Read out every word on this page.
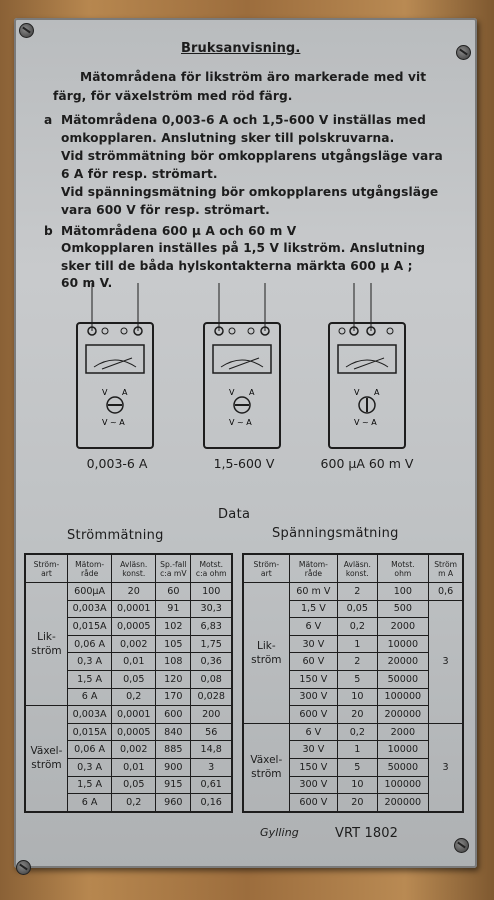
Bruksanvisning.
Mätområdena för likström äro markerade med vit
färg, för växelström med röd färg.
a Mätområdena 0,003-6 A och 1,5-600 V inställas med
omkopplaren. Anslutning sker till polskruvarna.
Vid strömmätning bör omkopplarens utgångsläge vara
6 A för resp. strömart.
Vid spänningsmätning bör omkopplarens utgångsläge
vara 600 V för resp. strömart.
b Mätområdena 600 µ A och 60 m V
Omkopplaren inställes på 1,5 V likström. Anslutning
sker till de båda hylskontakterna märkta 600 µ A ;
60 m V.
V A
V ~ A
V A
V ~ A
V A
V ~ A
0,003-6 A	1,5-600 V	600 µA 60 m V
Data
Strömmätning	Spänningsmätning
Ström-
art	Mätom-
råde	Avläsn.
konst.	Sp.-fall
c:a mV	Motst.
c:a ohm
Lik-
ström	600µA	20	60	100
	0,003A	0,0001	91	30,3
	0,015A	0,0005	102	6,83
	0,06 A	0,002	105	1,75
	0,3 A	0,01	108	0,36
	1,5 A	0,05	120	0,08
	6 A	0,2	170	0,028
Växel-
ström	0,003A	0,0001	600	200
	0,015A	0,0005	840	56
	0,06 A	0,002	885	14,8
	0,3 A	0,01	900	3
	1,5 A	0,05	915	0,61
	6 A	0,2	960	0,16
Ström-
art	Mätom-
råde	Avläsn.
konst.	Motst.
ohm	Ström
m A
Lik-
ström	60 m V	2	100	0,6
	1,5 V	0,05	500	3
	6 V	0,2	2000	
	30 V	1	10000	
	60 V	2	20000	
	150 V	5	50000	
	300 V	10	100000	
	600 V	20	200000	
Växel-
ström	6 V	0,2	2000	3
	30 V	1	10000	
	150 V	5	50000	
	300 V	10	100000	
	600 V	20	200000	
Gylling	VRT 1802
